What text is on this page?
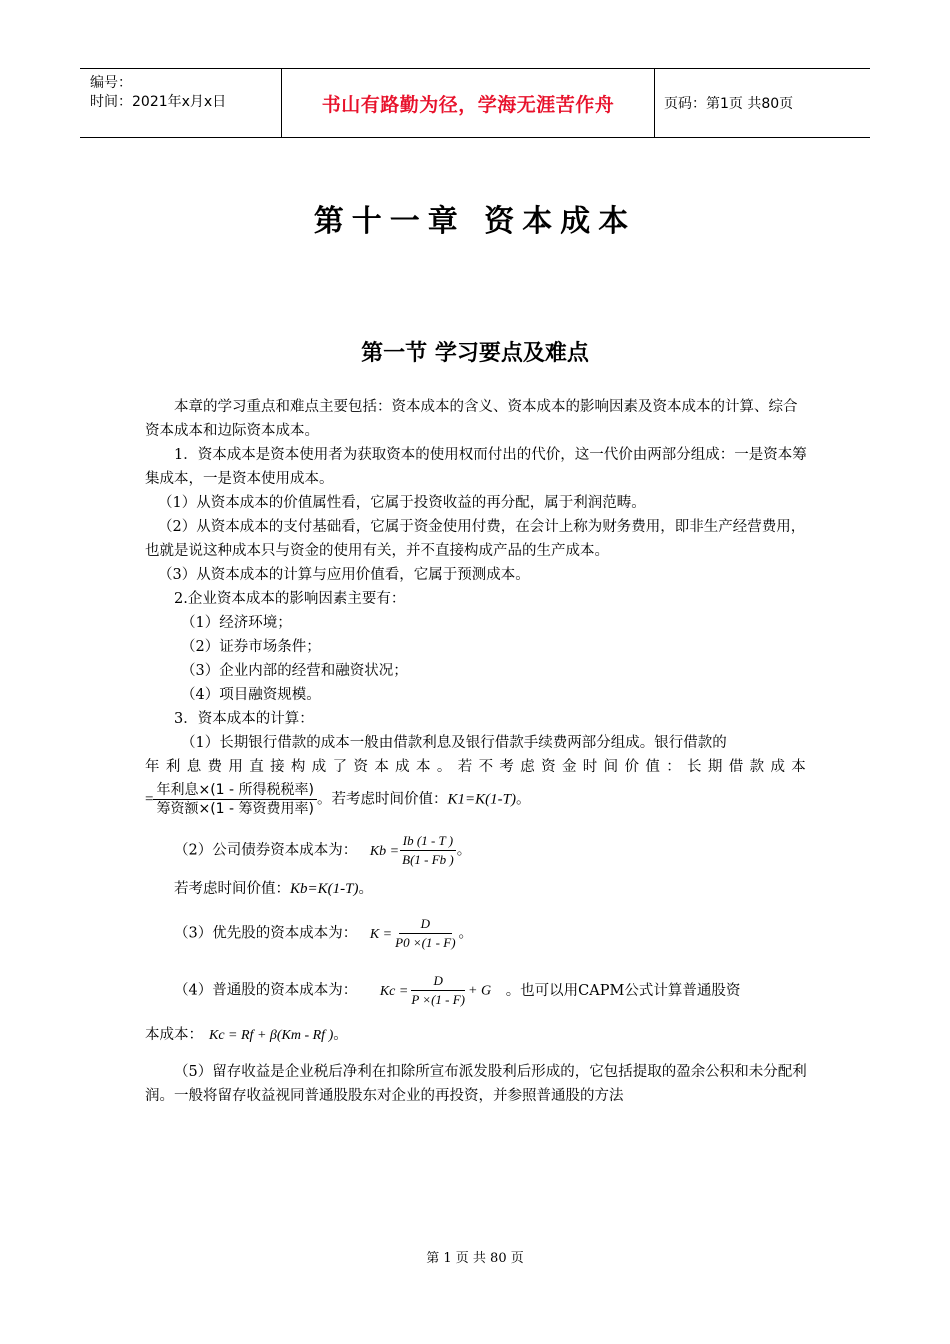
编号：
时间：2021年x月x日	书山有路勤为径，学海无涯苦作舟	页码：第1页 共80页
第十一章 资本成本
第一节 学习要点及难点

本章的学习重点和难点主要包括：资本成本的含义、资本成本的影响因素及资本成本的计算、综合资本成本和边际资本成本。

1．资本成本是资本使用者为获取资本的使用权而付出的代价，这一代价由两部分组成：一是资本筹集成本，一是资本使用成本。

（1）从资本成本的价值属性看，它属于投资收益的再分配，属于利润范畴。

（2）从资本成本的支付基础看，它属于资金使用付费，在会计上称为财务费用，即非生产经营费用，也就是说这种成本只与资金的使用有关，并不直接构成产品的生产成本。

（3）从资本成本的计算与应用价值看，它属于预测成本。

2.企业资本成本的影响因素主要有：

（1）经济环境；

（2）证券市场条件；

（3）企业内部的经营和融资状况；

（4）项目融资规模。

3．资本成本的计算：

（1）长期银行借款的成本一般由借款利息及银行借款手续费两部分组成。银行借款的

年利息费用直接构成了资本成本。若不考虑资金时间价值：长期借款成本

= $\frac{\text{年利息×(1 - 所得税税率)}}{\text{筹资额×(1 - 筹资费用率)}}$ 。若考虑时间价值：K1=K(1-T)。

（2）公司债券资本成本为： $Kb = \frac{Ib (1 - T )}{B(1 - Fb )}$ 。

若考虑时间价值：Kb=K(1-T)。

（3）优先股的资本成本为： $K = \frac{D}{P0 \times(1 - F)}$ 。

（4）普通股的资本成本为： $Kc = \frac{D}{P \times(1 - F)} + G$ 。也可以用CAPM公式计算普通股资

本成本： Kc = Rf + β(Km - Rf )。

（5）留存收益是企业税后净利在扣除所宣布派发股利后形成的，它包括提取的盈余公积和未分配利润。一般将留存收益视同普通股股东对企业的再投资，并参照普通股的方法

第 1 页 共 80 页
